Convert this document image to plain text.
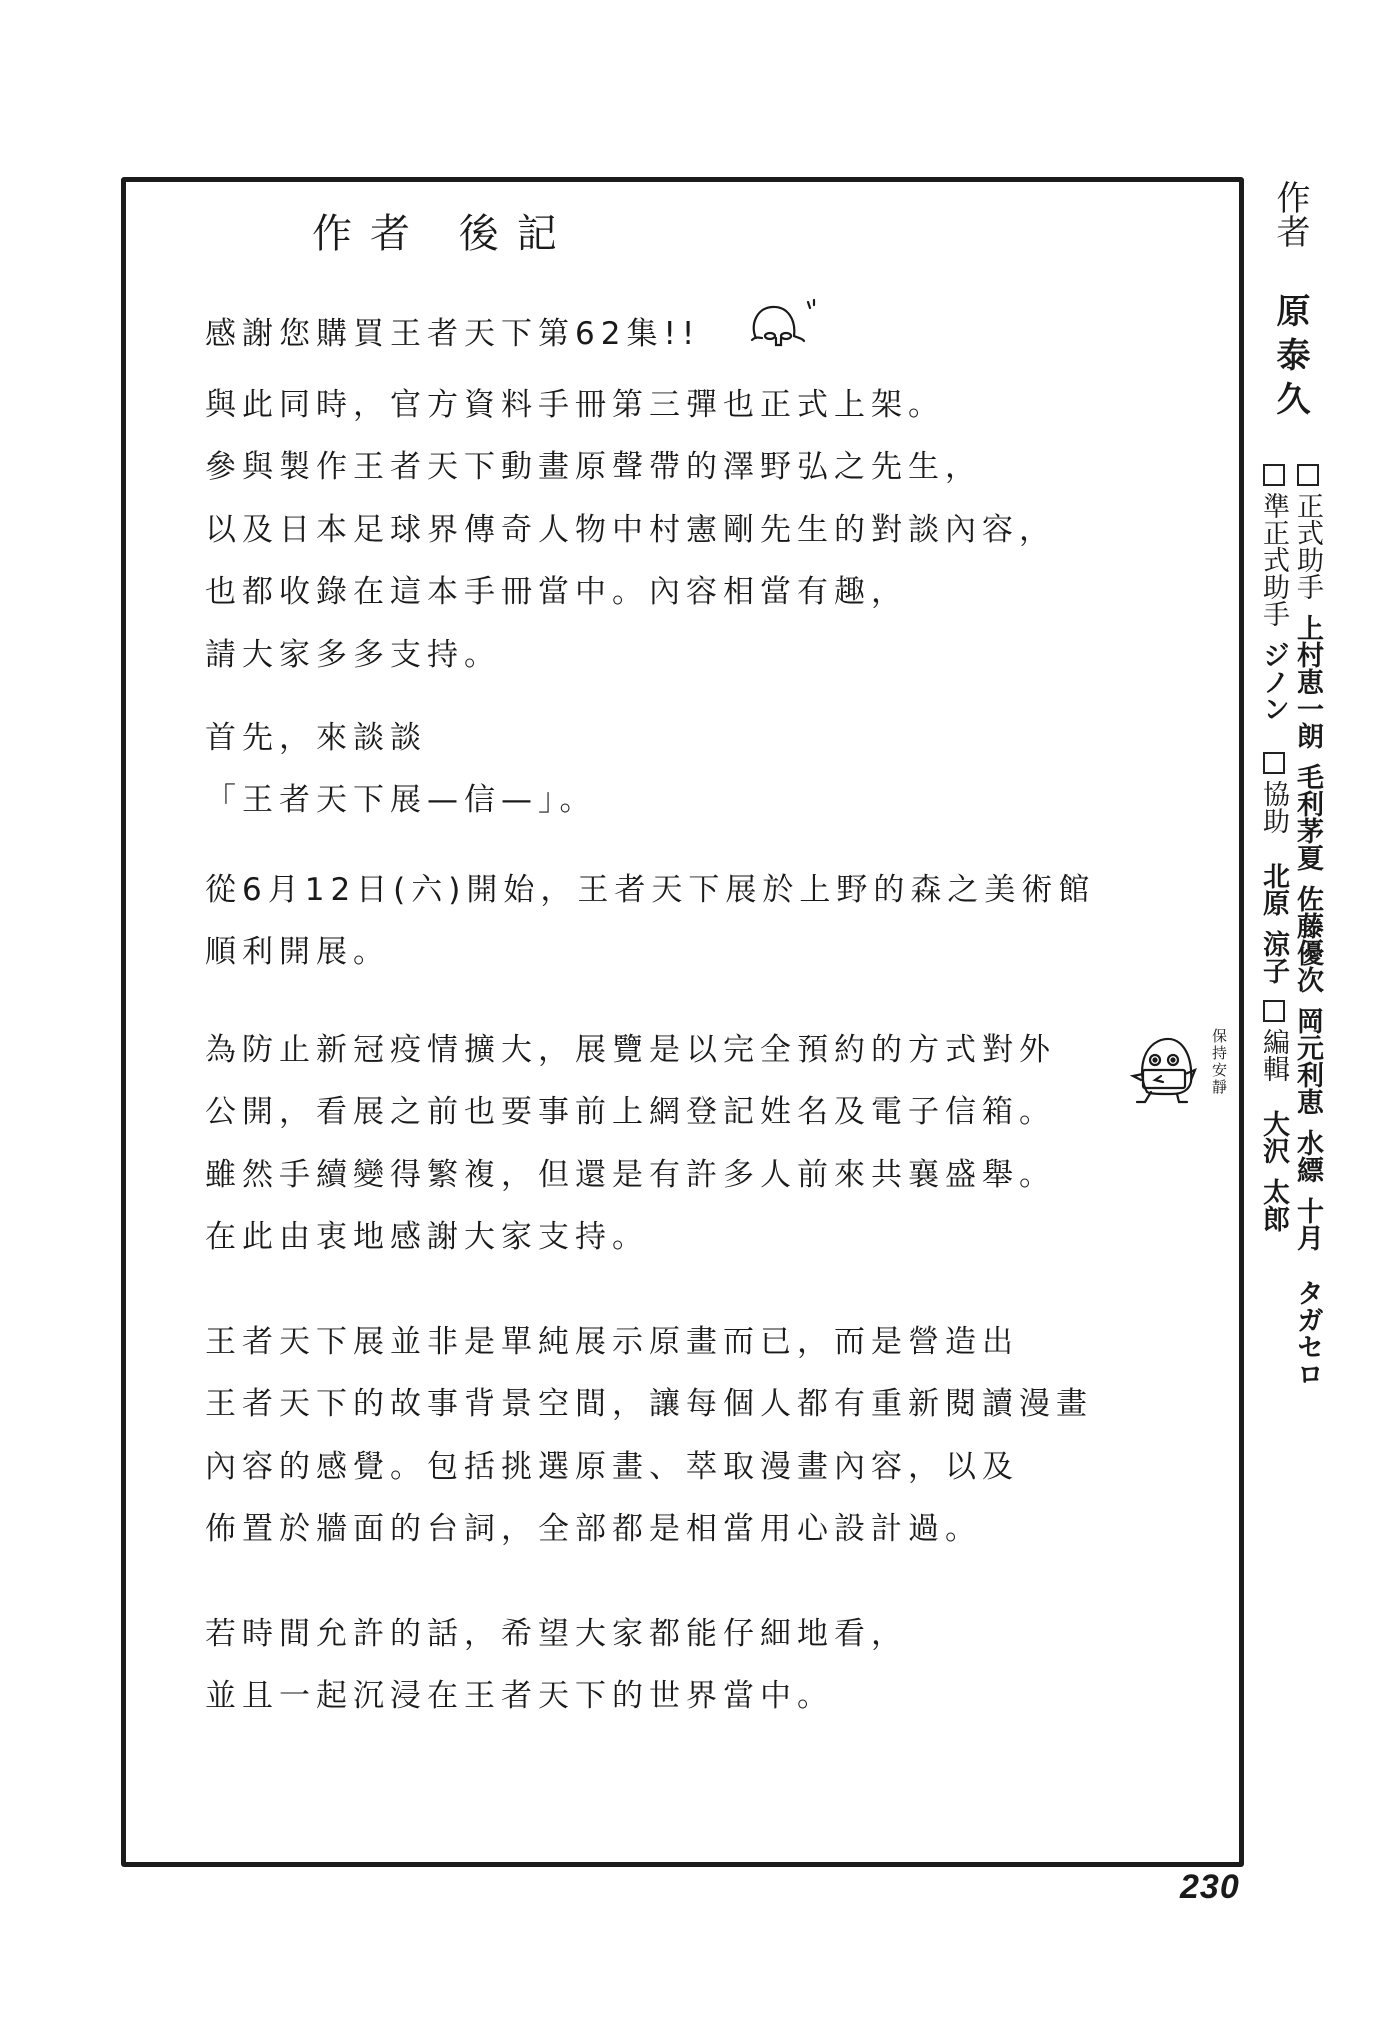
作者 後記
感謝您購買王者天下第62集!!
與此同時，官方資料手冊第三彈也正式上架。
參與製作王者天下動畫原聲帶的澤野弘之先生，
以及日本足球界傳奇人物中村憲剛先生的對談內容，
也都收錄在這本手冊當中。內容相當有趣，
請大家多多支持。
首先，來談談
「王者天下展—信—」。
從6月12日(六)開始，王者天下展於上野的森之美術館
順利開展。
為防止新冠疫情擴大，展覽是以完全預約的方式對外
公開，看展之前也要事前上網登記姓名及電子信箱。
雖然手續變得繁複，但還是有許多人前來共襄盛舉。
在此由衷地感謝大家支持。
王者天下展並非是單純展示原畫而已，而是營造出
王者天下的故事背景空間，讓每個人都有重新閱讀漫畫
內容的感覺。包括挑選原畫、萃取漫畫內容，以及
佈置於牆面的台詞，全部都是相當用心設計過。
若時間允許的話，希望大家都能仔細地看，
並且一起沉浸在王者天下的世界當中。
保持安靜
作者
原泰久
正式助手上村恵一朗毛利茅夏佐藤優次岡元利恵水縹十月タガセロ
準正式助手ジノン協助北原涼子編輯大沢太郎
230
